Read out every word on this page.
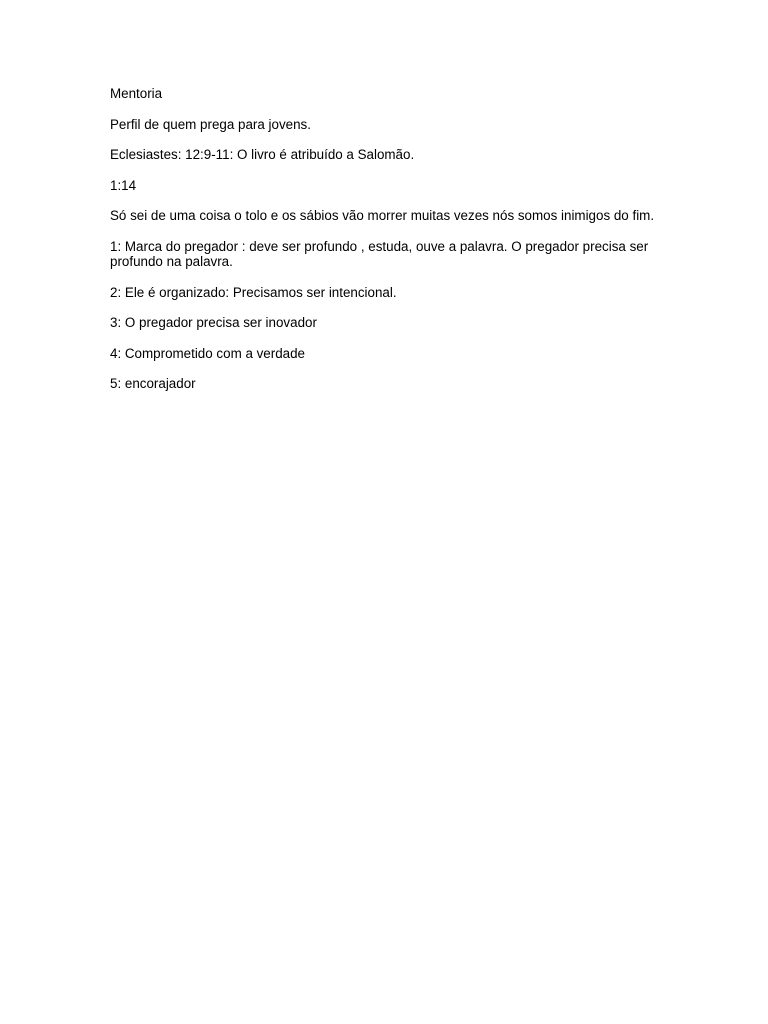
Mentoria

Perfil de quem prega para jovens.

Eclesiastes: 12:9-11: O livro é atribuído a Salomão.

1:14

Só sei de uma coisa o tolo e os sábios vão morrer muitas vezes nós somos inimigos do fim.

1: Marca do pregador : deve ser profundo , estuda, ouve a palavra. O pregador precisa ser profundo na palavra.

2: Ele é organizado: Precisamos ser intencional.

3: O pregador precisa ser inovador

4: Comprometido com a verdade

5: encorajador
